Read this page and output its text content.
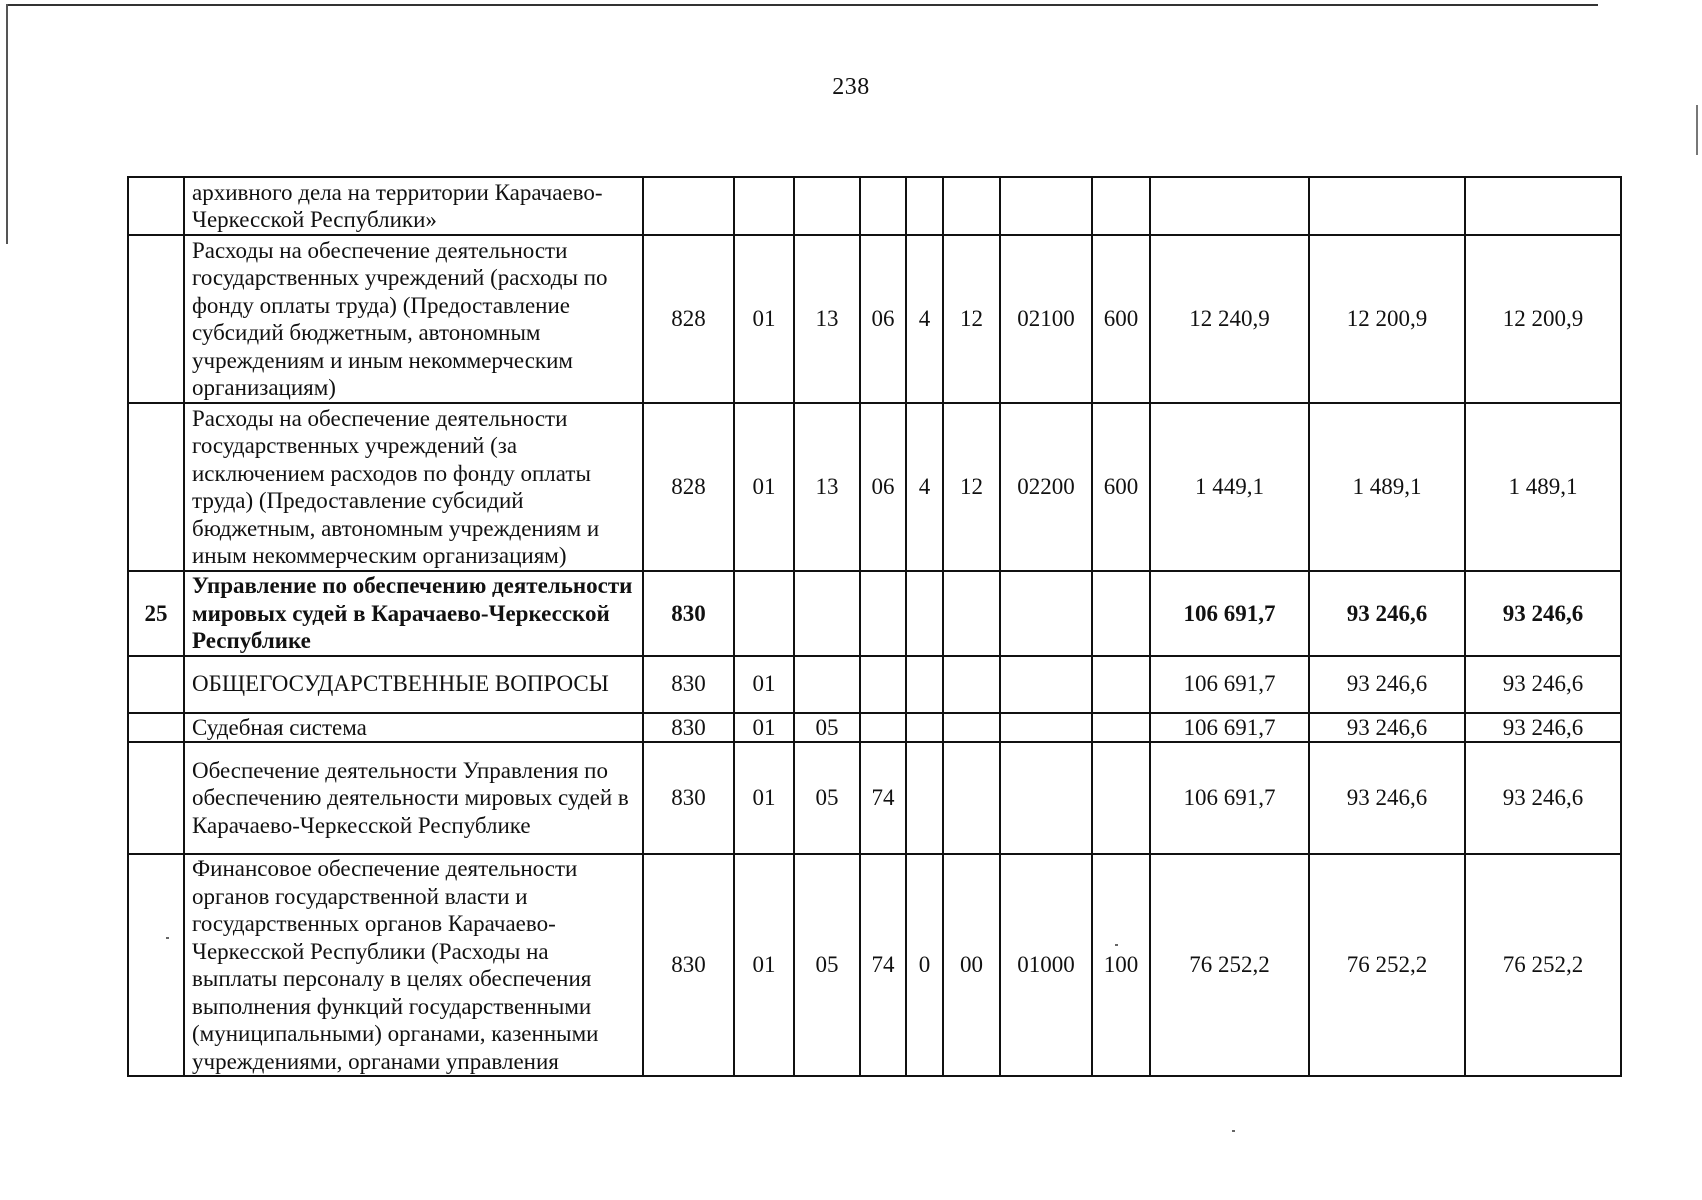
238
	архивного дела на территории Карачаево-Черкесской Республики»											
	Расходы на обеспечение деятельности государственных учреждений (расходы по фонду оплаты труда) (Предоставление субсидий бюджетным, автономным учреждениям и иным некоммерческим организациям)	828	01	13	06	4	12	02100	600	12 240,9	12 200,9	12 200,9
	Расходы на обеспечение деятельности государственных учреждений (за исключением расходов по фонду оплаты труда) (Предоставление субсидий бюджетным, автономным учреждениям и иным некоммерческим организациям)	828	01	13	06	4	12	02200	600	1 449,1	1 489,1	1 489,1
25	Управление по обеспечению деятельности мировых судей в Карачаево-Черкесской Республике	830								106 691,7	93 246,6	93 246,6
	ОБЩЕГОСУДАРСТВЕННЫЕ ВОПРОСЫ	830	01							106 691,7	93 246,6	93 246,6
	Судебная система	830	01	05						106 691,7	93 246,6	93 246,6
	Обеспечение деятельности Управления по обеспечению деятельности мировых судей в Карачаево-Черкесской Республике	830	01	05	74					106 691,7	93 246,6	93 246,6
	Финансовое обеспечение деятельности органов государственной власти и государственных органов Карачаево-Черкесской Республики (Расходы на выплаты персоналу в целях обеспечения выполнения функций государственными (муниципальными) органами, казенными учреждениями, органами управления	830	01	05	74	0	00	01000	100	76 252,2	76 252,2	76 252,2
